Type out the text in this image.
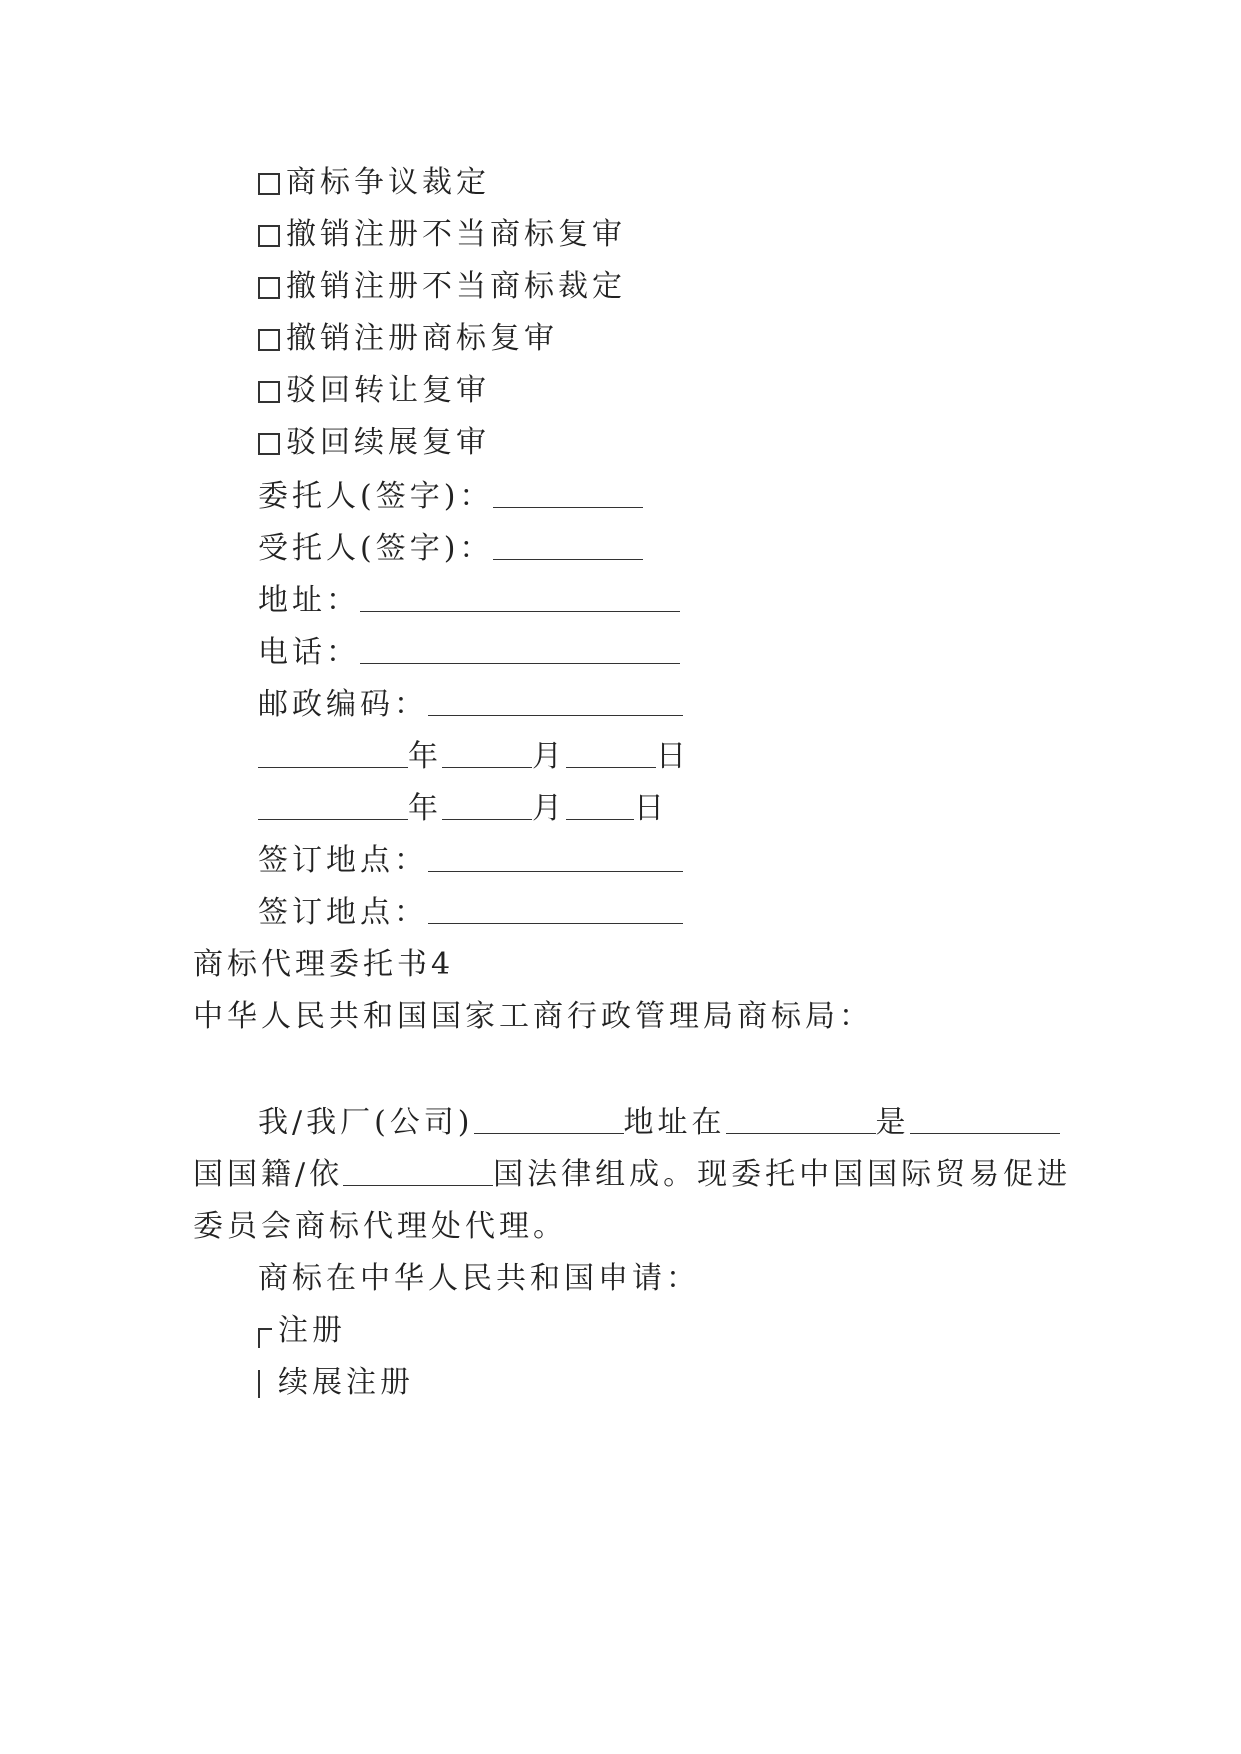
商标争议裁定
撤销注册不当商标复审
撤销注册不当商标裁定
撤销注册商标复审
驳回转让复审
驳回续展复审
委托人(签字)：
受托人(签字)：
地址：
电话：
邮政编码：
年	月	日
年	月 日
签订地点：
签订地点：
商标代理委托书4
中华人民共和国国家工商行政管理局商标局：
我/我厂(公司)	地址在	是
国国籍/依	国法律组成。现委托中国国际贸易促进
委员会商标代理处代理。
商标在中华人民共和国申请：
注册
续展注册
